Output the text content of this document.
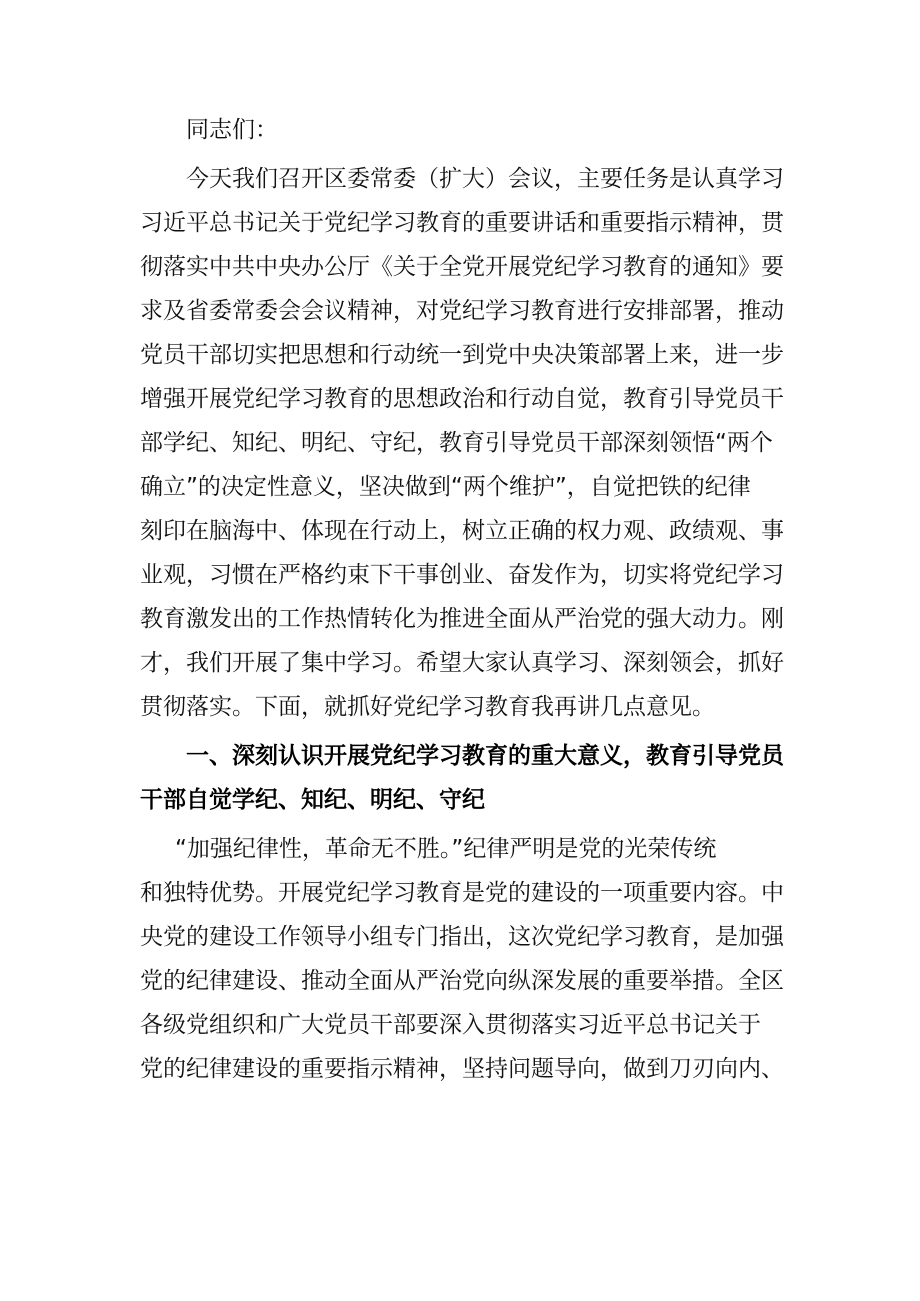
同志们：
今天我们召开区委常委（扩大）会议，主要任务是认真学习
习近平总书记关于党纪学习教育的重要讲话和重要指示精神，贯
彻落实中共中央办公厅《关于全党开展党纪学习教育的通知》要
求及省委常委会会议精神，对党纪学习教育进行安排部署，推动
党员干部切实把思想和行动统一到党中央决策部署上来，进一步
增强开展党纪学习教育的思想政治和行动自觉，教育引导党员干
部学纪、知纪、明纪、守纪，教育引导党员干部深刻领悟“两个
确立”的决定性意义，坚决做到“两个维护”，自觉把铁的纪律
刻印在脑海中、体现在行动上，树立正确的权力观、政绩观、事
业观，习惯在严格约束下干事创业、奋发作为，切实将党纪学习
教育激发出的工作热情转化为推进全面从严治党的强大动力。刚
才，我们开展了集中学习。希望大家认真学习、深刻领会，抓好
贯彻落实。下面，就抓好党纪学习教育我再讲几点意见。
一、深刻认识开展党纪学习教育的重大意义，教育引导党员
干部自觉学纪、知纪、明纪、守纪
“加强纪律性，革命无不胜。”纪律严明是党的光荣传统
和独特优势。开展党纪学习教育是党的建设的一项重要内容。中
央党的建设工作领导小组专门指出，这次党纪学习教育，是加强
党的纪律建设、推动全面从严治党向纵深发展的重要举措。全区
各级党组织和广大党员干部要深入贯彻落实习近平总书记关于
党的纪律建设的重要指示精神，坚持问题导向，做到刀刃向内、
